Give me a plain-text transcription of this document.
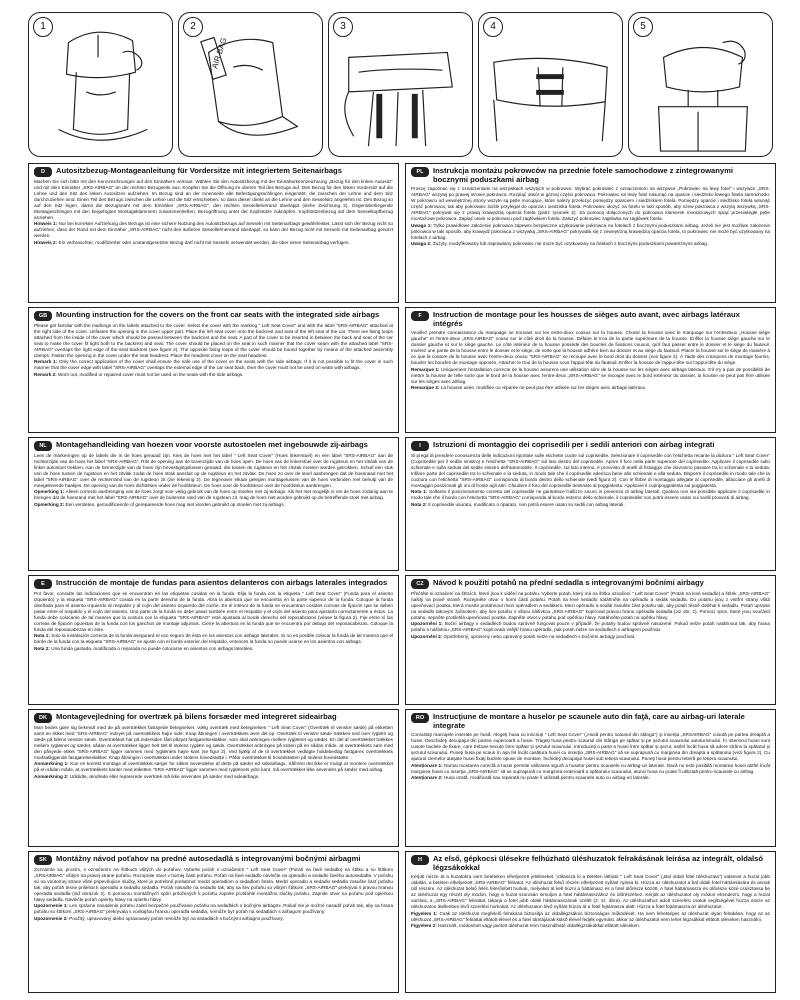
1	2
AIR BAG
3	4	5
D	Autositzbezug-Montageanleitung für Vordersitze mit integriertem Seitenairbags

Machen Sie sich bitte mit den Kennzeichnungen auf den Einnähern vertraut. Wählen Sie den Autositzbezug mit der Einnäherkennzeichnung „Bezug für den linken Autositz" und mit dem Einnäher „SRS-AIRBAG" an der rechten Bezugseite aus. Knöpfen Sie die Öffnung im oberen Teil des Bezugs auf. Den Bezug für den linken Vordersitz auf die Lehne und den Sitz des linken Autositzes aufziehen. Im Bezug sind an der Innenseite alle Befestigungsschlingen eingenäht, die zwischen der Lehne und dem Sitz durchzuziehen sind. Einen Teil des Bezugs zwischen die Lehne und die Sitz einschieben, so dass dieser direkt an die Lehne und den Sesselsitz angelehnt ist. Den Bezug so auf den Sitz legen, damit die Bezugsnaht mit dem Einnäher „SRS-AIRBAG", den rechten Sesselleherrand überlappt (siehe Zeichnung 2). Gegenüberliegende Montageschlingen mit den beigefügten Montageklammern zusammenheften. Bezugöffnung unter der Kopfstütze zuknöpfen. Kopfstützenbezug auf dem Sesselkopfbezug anziehen.

Hinweis 1: Nur bei korrekter Aufziehung des Bezugs ist eine sichere Nutzung des Autositzbezugs auf Sesseln mit Seitenairbags gewährleistet. Lässt sich der Bezug nicht so aufziehen, dass der Rand mit dem Einnäher „SRS-AIRBAG" nicht den äußeren Sessellehnenrand überlappt, so kann der Bezug nicht mit Sesseln mit Seitenairbag genutzt werden.

Hinweis 2: Ein verbrauchter, modifizierter oder unstandgesetzter Bezug darf nicht mit Sesseln verwendet werden, die über einen Seitenairbag verfügen.

PL	Instrukcja montażu pokrowców na przednie fotele samochodowe z zintegrowanymi bocznymi poduszkami airbag

Proszę zapoznać się z oznaczeniami na wszywkach wszytych w pokrowce. Wybrać pokrowiec z oznaczeniem na wszywce „Pokrowiec na lewy fotel" i wszywce „SRS-AIRBAG" wszytej po prawej stronie pokrowca. Rozpiąć otwór w górnej części pokrowca. Pokrowiec na lewy fotel nasunąć na oparcie i siedzisko lewego fotela samochodu. W pokrowcu od wewnętrznej strony wszyte są pętle mocujące, które należy przełożyć pomiędzy oparciem i siedziskiem fotela. Pomiędzy oparcie i siedzisko fotela wsunąć część pokrowca, tak aby pokrowiec ściśle przylegał do oparcia i siedziska fotela. Pokrowiec ułożyć na fotelu w taki sposób, aby szew pokrowca z wszytą wszywką „SRS-AIRBAG" pokrywał się z prawą krawędzią oparcia fotela (patrz rysunek 2). Za pomocą dołączonych do pokrowca klamerek montażowych spiąć przeciwległe pętle montażowe pokrowca. Zapiąć otwór w pokrowcu pod zagłówkiem fotela. Założyć pokrowiec zagłówka na zagłówek fotela.

Uwaga 1: Tylko prawidłowe założenie pokrowca zapewni bezpieczne użytkowanie pokrowca na fotelach z bocznymi poduszkami airbag. Jeżeli nie jest możliwe założenie pokrowca w taki sposób, aby krawędź pokrowca z wszywką „SRS-AIRBAG" pokrywała się z zewnętrzną krawędzią oparcia fotela, to pokrowiec nie może być użytkowany na fotelach z airbag.

Uwaga 2: Zużyty, modyfikowany lub naprawiany pokrowiec nie może być użytkowany na fotelach z bocznymi poduszkami powietrznymi airbag.

GB	Mounting instruction for the covers on the front car seats with the integrated side airbags

Please get familiar with the markings on the labels attached to the cover. Select the cover with the marking " Left Seat Cover" and with the label "SRS-AIRBAG" attached at the right side of the cover. Unfasten the opening in the cover upper part. Place the left seat cover onto the backrest and seat of the left seat of the car. There are fixing loops attached from the inside of the cover which should be passed between the backrest and the seat. A part of the cover to be inserted in between the back and seat of the car seat to make the cover fit tight both to the backrest and seat. The cover should be placed on the seat in such manner that the cover seam with the attached label "SRS-AIRBAG" overlaps the right edge of the seat backrest (see figure 2). The opposite fixing loops of the cover should be bound together by means of the attached assembly clamps. Fasten the opening in the cover under the seat headrest. Place the headrest cover on the seat headrest.

Remark 1: Only the correct application of the cover shall ensure the safe use of the cover on the seats with the side airbags. If it is not possible to fit the cover in such manner that the cover edge with label "SRS-AIRBAG" overlaps the external edge of the car seat back, then the cover must not be used on seats with airbags.

Remark 2: Worn out, modified or repaired cover must not be used on the seats with the side airbags.

F	Instruction de montage pour les housses de sièges auto avant, avec airbags latéraux intégrés

Veuillez prendre connaissance du marquage se trouvant sur les entre-deux cousus sur la housse. Choisir la housse avec le marquage sur l'entredeux „Housse siège gauche" et l'entre-deux „SRS-AIRBAG" cousu sur le côté droit de la housse. Défaire le trou de la partie supérieure de la housse. Enfiler la housse siège gauche sur le dossier gauche et sur le siège gauche. Le côté intérieur de la housse possède des boucles de fixations cousus, qu'il faut passer entre le dossier et le siège du fauteuil. Insérez une partie de la housse entre le dossier et le siège, de sorte que la housse adhère bien au dossier et au siège du fauteuil. Placer la housse sur le siège de manière à ce que la couture de la housse avec l'entre-deux cousu "SRS-AIRBAG" se recoupe avec le bord droit du dossier (voir figure 2). À l'aide des crampons de montage fournis, boucler les boucles de montage opposés. Attacher le trou de la housse sous l'appui-tête du fauteuil. Enfiler la housse de l'appui-tête sur l'appui-tête du siège.

Remarque 1: Uniquement l'installation correcte de la housse assurera une utilisation sûre de la housse sur les sièges avec airbags latéraux. S'il n'y a pas de possibilité de mettre la housse de telle sorte que le bord de la housse avec l'entre-deux „SRS-AIRBAG" se recoupe avec le bord extérieur du dossier, la housse ne peut pas être utilisée sur les sièges avec airbag.

Remarque 2: La housse usée, modifiée ou réparée ne peut pas être utilisée sur les sièges avec airbags latéraux.

NL	Montagehandleiding van hoezen voor voorste autostoelen met ingebouwde zij-airbags

Lees de markeringen op de labels die in de hoes genaaid zijn. Kies de hoes met het label " Left Seat Cover" (Hoes linkerstoel) en een label "SRS-AIRBAG" aan de rechterzijde van de hoes het label "SRS-AIRBAG". Rits de opening aan de bovenzijde van de hoes open. De hoes van de linkerstoel over de rugsteun en het zitvlak van de linker autostoel trekken. Aan de binnenzijde van de hoes zijn bevestigingslussen genaaid, die tussen de rugsteun en het zitvlak moeten worden getrokken. Schuif een stuk van de hoes tussen de rugsteun en het zitvlak zodat de hoes strak aansluit op de rugsteun en het zitvlak. De hoes zo over de stoel aanbrengen dat de hoesnaad met het label "SRS-AIRBAG" over de rechterrand van de rugsteun zit (zie tekening 2). De tegenover elkaar gelegen montagelussen van de hoes verbinden met behulp van de meegeleverde haakjes. De opening van de hoes dichtritsen onder de hoofdsteun. De hoes voor de hoofdsteun over de hoofdsteun aanbrengen.

Opmerking 1: Alleen correcte aanbrenging van de hoes zorgt voor veilig gebruik van de hoes op stoelen met zij-airbags. Als het niet mogelijk is om de hoes zodanig aan te brengen dat de hoesrand met het label "SRS-AIRBAG" over de buitenste rand van de rugsteun zit, mag de hoes niet worden gebruikt op de betreffende stoel met airbag.

Opmerking 2: Een versleten, gemodificeerde of gerepareerde hoes mag niet worden gebruikt op stoelen met zij-airbags.

I	Istruzioni di montaggio dei coprisedili per i sedili anteriori con airbag integrati

Si prega di prendere conoscenza delle indicazioni riportate sulle etichette cucite sul coprisedile. Selezionare il coprisedile con l'etichetta recante la dicitura " Left Seat Cover" (Coprisedile per il sedile sinistro) e l'etichetta "SRS-AIRBAG" sul lato destro del coprisedile. Aprire il foro nella parte superiore del coprisedile. Applicare il coprisedile sullo schienale e sulla seduta del sedile sinistro dell'automobile. Il coprisedile, sul lato interno, è provvisto di anelli di fissaggio che dovranno passare tra lo schienale e la seduta. Infilare parte del coprisedile tra lo schienale e la seduta, in modo tale che il coprisedile aderisca bene allo schienale e alla seduta. Disporre il coprisedile in modo tale che la cucitura con l'etichetta "SRS-AIRBAG" corrisponda al bordo destro dello schienale (vedi figura 2). Con le fibbie di montaggio allegate al coprisedile, allacciare gli anelli di montaggio posizionati gli uni di fronte agli altri. Chiudere il foro del coprisedile destinato al poggiatesta. Applicare il copripoggiatesta sul poggiatesta.

Nota 1: Soltanto il posizionamento corretto del coprisedile ne garantisce l'utilizzo sicuro in presenza di airbag laterali. Qualora non sia possibile applicare il coprisedile in modo tale che il bordo con l'etichetta "SRS-AIRBAG" corrisponda al bordo esterno dello schienale, il coprisedile non potrà essere usato sui sedili provvisti di airbag.

Nota 2: Il coprisedile usurato, modificato o riparato, non potrà essere usato su sedili con airbag laterali.

E	Instrucción de montaje de fundas para asientos delanteros con airbags laterales integrados

Por favor, consulte las indicaciones que se encuentran en las etiquetas cosidas en la funda. Elija la funda con la etiqueta " Left Seat Cover" (Funda para el asiento izquierdo) y la etiqueta "SRS-AIRBAG" cosida en la parte derecha de la funda. Abra la abertura que se encuentra en la parte superior de la funda. Coloque la funda diseñada para el asiento izquierdo al respaldo y al cojín del asiento izquierdo del coche. En el interior de la funda se encuentran cosidos correas de fijación que se deben pasar entre el respaldo y el cojín del asiento. Una parte de la funda se debe pasar también entre el respaldo y el cojín del asiento para ajustarla correctamente a éstos. La funda debe colocarse de tal manera que la costura con la etiqueta "SRS-AIRBAG" esté ajustada al borde derecho del reposabrazos (véase la figura 2). Fije entre sí las correas de fijación opuestas de la funda con los ganchos de montaje adjuntos. Cierre la abertura en la funda que se encuentra por debajo del reposacabezas. Coloque la funda del reposacabezas en éste.

Nota 1: Solo la instalación correcta de la funda asegurará el uso seguro de ésta en los asientos con airbags laterales. Si no es posible colocar la funda de tal manera que el borde de la funda con la etiqueta "SRS-AIRBAG" se ajuste con el borde exterior del respaldo, entonces la funda no puede usarse en los asientos con airbags.

Nota 2: Una funda gastada, modificada o reparada no puede colocarse en asientos con airbags laterales.

CZ	Návod k použití potahů na přední sedadla s integrovanými bočními airbagy

Přečtěte si označení na štítcích, které jsou k vidění na potahu. Vyberte potah, který má na štítku označení " Left Seat Cover" (Potah na levé sedadlo) a štítek „SRS-AIRBAG" našitý na pravé straně. Rozepněte otvor v horní části potahu. Potah na levé sedadlo natáhněte na opěradlo a sedák sedadla. Do potahu jsou z vnitřní strany všitá upevňovací poutka, která musíte protáhnout mezi opěradlem a sedákem. Mezi opěradlo a sedák zasuňte část potahu tak, aby potah těsně doléhal k sedadlu. Potah upravte na sedadlo takovým způsobem, aby šev potahu s všitou nášivkou „SRS-AIRBAG" kopíroval pravou hranu opěradla sedadla (viz obr. 2). Pomocí spon, které jsou součástí potahu, sepněte protilehlá upevňovací poutka. Zapněte otvor v potahu pod opěrkou hlavy. Natáhněte potah na opěrku hlavy.

Upozornění 1: Boční airbagy v sedadlech budou správně fungovat pouze v případě, že potahy budou správně nasazené. Pokud nelze potah natáhnout tak, aby hrana potahu s nášivkou „SRS-AIRBAG" kopírovala vnější hranu opěradla, pak potah nelze na sedadlech s airbagem používat.

Upozornění 2: Opotřebený, upravený nebo opravený potah nelze na sedadlech s bočními airbagy používat.

DK	Montagevejledning for overtræk på bilens forsæder med integreret sideairbag

Man bedes gøre sig bekendt med de på overtrækket fastsyede betegnelser. Vælg overtræk med betegnelsen " Left Seat Cover" (Overtræk til venstre sæde) på etiketten samt en etiket med "SRS-AIRBAG" indsyet på overtrækkets højre side. Knap åbningen i overtrækkets øvre del op. Overtræk til venstre sæde trækkes ned over ryglæn og sæde på bilens venstre sæde. Overtrækket har på indersiden fået påsyet fastgørelsesløkker, som skal anbringes mellem ryglænet og sædet. En del af overtrækket trækkes mellem ryglænet og sædet, sådan at overtrækket ligger helt tæt til stolens ryglæn og sæde. Overtrækket anbringes på stolen på en sådan måde, at overtrækkets søm med den påsyede etiket "SRS-AIRBAG" ligger sammen med ryglænets højre kant (se figur 2). Ved hjælp af de til overtrækket vedlagte holdebeslag fastgøres overtrækkets modsatliggende fastgørelsesløkker. Knap åbningen i overtrækket under stolens hovedstøtte i. Påfør overtrækket til hovedstøtten på stolens hovedstøtte.

Anmærkning 1: Kun en korrekt montage af overtrækket sørger for sikker anvendelse af dette på sæder ed sideairbags. Såfremt det ikke er muligt at montere overtrækket på en sådan måde, at overtrækkets kanter med etiketten "SRS-AIRBAG" ligger sammen med ryglænets ydre kant, må overtrækket ikke anvendes på sæder med airbag.

Anmærkning 2: Udslidte, ændrede eller reparerede overtræk må ikke anvendes på sæder med sideairbags.

RO	Instrucţiune de montare a huselor pe scaunele auto din faţă, care au airbag-uri laterale integrate

Consultaţi marcajele inserate pe husă. Alegeţi husa cu inscriuţi " Left Seat Cover" („Husă pentru scaunul din stânga") şi inserţia „SRSAIRBAG" cusută pe partea dreaptă a husei. Deschideţi decupajul din partea superioară a husei. Trageţi husa pentru scaunul din stânga pe spătar şi pe şezutul scaunului autoturismului. În interiorul husei sunt cusute buclele de fixare, care trebuie trecute între spătar şi şezutul scaunului. Introduceţi o parte a husei între spătar şi şezut, astfel încât husa să adere strâns la spătarul şi şezutul scaunului. Puneţi husa pe scaun în aşa fel încât cusătura husei cu inserţia „SRS-AIRBAG" să se suprapună cu marginea din dreapta a spătarului (vezi figura 2). Cu ajutorul clemelor ataşate husei fixaţi buclele opuse de montare. Închideţi decupajul husei sub tetiera scaunului. Puneţi husa pentru tetieră pe tetiera scaunului.

Atenţionare 1: Numai montarea corectă a husei permite utilizarea sigură a huselor pentru scaunele cu airbag-uri laterale. Dacă nu este posibilă montarea husei astfel încât marginea husei cu inserţia „SRS-AIRBAG" să se suprapună cu marginea exterioară a spătarului scaunului, atunci husa nu poate fi utilizată pentru scaunele cu airbag.

Atenţionare 2: Husa uzată, modificată sau reparată nu poate fi utilizată pentru scaunele auto cu airbag-uri laterale.

SK	Montážny návod poťahov na predné autosedadlá s integrovanými bočnými airbagmi

Zoznámte sa, prosím, s označením na štítkoch všitých do poťahov. Vyberte poťah s označením " Left Seat Cover" (Poťah na ľavé sedadlo) na štítku a so štítkom „SRSAIRBAG" všitým na pravej strane poťahu. Rozopnite otvor v hornej časti poťahu. Poťah na ľavé sedadlo navlečte na operadlo a sedadlo ľavého autosedadla. V poťahu sú na vnútornej strane všité pripevňujúce slučky, ktoré je potrebné pretiahnuť medzi operadlom a sedadlom fotela. Medzi operadlo a sedadlo sedadla zasuňte časť poťahu tak, aby poťah tesne priliehal k operadlu a sedadlu sedadla. Poťah nasaďte na sedadlo tak, aby sa šev poťahu so všitým štítkom „SRS-AIRBAG" prekrýval s pravou hranou operadla sedadla (viď obrázok 2). S pomocou montážnych spôn priložených k poťahu zopnite protiľahlé montážne slučky poťahu. Zapnite otvor na poťahu pod opierkou hlavy sedadla. Navlečte poťah opierky hlavy na opierku hlavy.

Upozornenie 1: Len správne nasadenie poťahu zaistí bezpečné používanie poťahu na sedadlách s bočnými airbagmi. Pokiaľ nie je možné nasadiť poťah tak, aby sa hrana poťahu so štítkom „SRS-AIRBAG" prekrývala s vonkajšou hranou operadla sedadla, nemôže byť poťah na sedadlách s airbagom používaný.

Upozornenie 2: Použitý, upravovaný alebo opravovaný poťah nemôže byť na sedadlách s bočnými airbagmi používaný.

H	Az első, gépkocsi ülésekre felhúzható üléshuzatok felrakásának leírása az integrált, oldalsó légzsákokkal

Kérjük nézze át a huzatokra varrt betéteken elhelyezett jelöléseket. Válassza ki a betéten látható " Left Seat Cover" („Bal oldali fotel üléshuzata") valamint a huzat jobb oldalán, a betéten elhelyezett „SRS-AIRBAG" feliratot. Az üléshuzat felső részén elhelyezett nyílást nyissa ki. Húzza az üléshuzatot a bal oldali fotel háttámlasára és annak ülő részére. Az üléshuzat belső felén felerősített hurkok, melyeket át kell húzni a háttámasz és a fotel ülőrésze között. A fotel háttámassza és ülőrésze közé csúsztassa be az üléshuzat egy részét oly módon, hogy a huzat szorosan simuljon a fotel háttámasszához és ülőrészéhez. Kérjük az üléshuzatot oly módon elrendezni, hogy a huzat varrása, a „SRS-AIRBAG" felirattal, takarja a fotel jobb oldali háttámasszának szélét (2. sz. ábra). Az üléshuzathoz adott szerelési csatok segítségével húzza össze az üléshuzaton átellenben lévő szerelési hurkokat. Az üléshuzaton lévő nyílást húzza át a fotel fejtámasza alatt. Húzza a fotel fejtámaszra az üléshuzatot.

Figyelem 1: Csak az üléshuzat megfelelő felrakása biztosítja az oldallégzsákos biztonságos működését. Ha nem lehetséges az üléshuzat olyan felrakása, hogy az az üléshuzat „SRS-AIRBAG" felirattal ellátott élével és a fotel támlájának külső élével fedjék egymást, akkor az üléshuzatot nem lehet légzsákkal ellátott üléseken használni.

Figyelem 2: Használt, módosított vagy javított üléshuzat nem használható oldallégzsákokkal ellátott üléseken.
